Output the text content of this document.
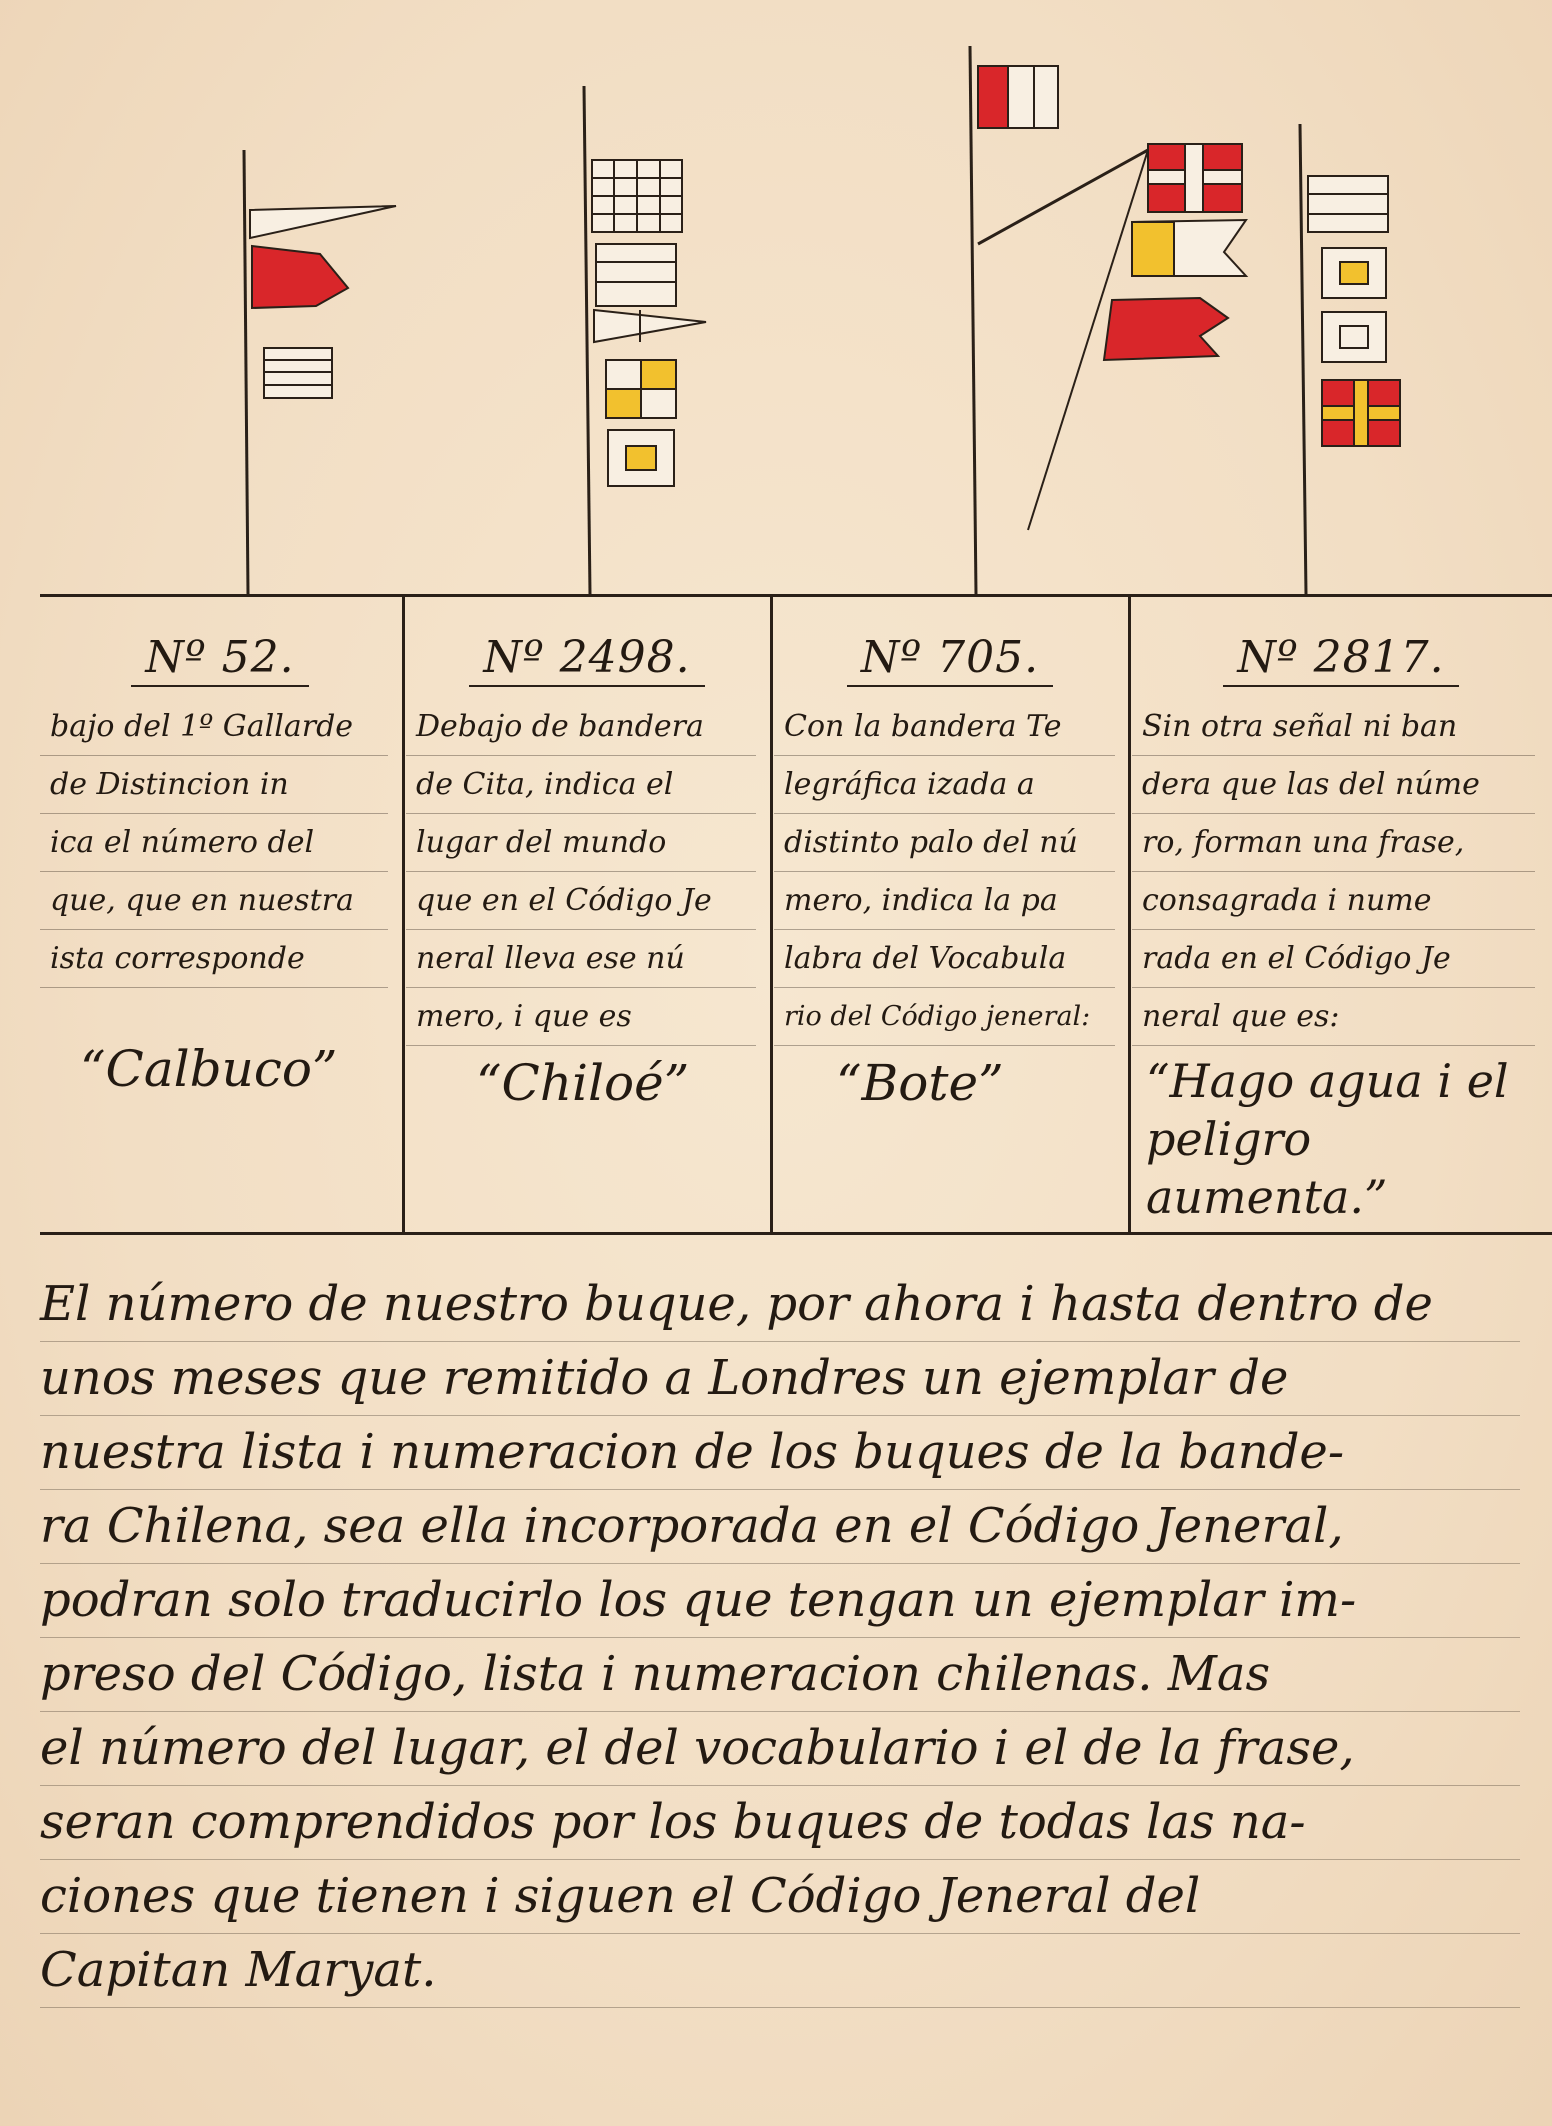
Nº 52.
bajo del 1º Gallarde
de Distincion in
ica el número del
que, que en nuestra
ista corresponde
“Calbuco”
Nº 2498.
Debajo de bandera
de Cita, indica el
lugar del mundo
que en el Código Je
neral lleva ese nú
mero, i que es
“Chiloé”
Nº 705.
Con la bandera Te
legráfica izada a
distinto palo del nú
mero, indica la pa
labra del Vocabula
rio del Código jeneral:
“Bote”
Nº 2817.
Sin otra señal ni ban
dera que las del núme
ro, forman una frase,
consagrada i nume
rada en el Código Je
neral que es:
“Hago agua i el peligro aumenta.”
El número de nuestro buque, por ahora i hasta dentro de
unos meses que remitido a Londres un ejemplar de
nuestra lista i numeracion de los buques de la bande-
ra Chilena, sea ella incorporada en el Código Jeneral,
podran solo traducirlo los que tengan un ejemplar im-
preso del Código, lista i numeracion chilenas. Mas
el número del lugar, el del vocabulario i el de la frase,
seran comprendidos por los buques de todas las na-
ciones que tienen i siguen el Código Jeneral del
Capitan Maryat.
